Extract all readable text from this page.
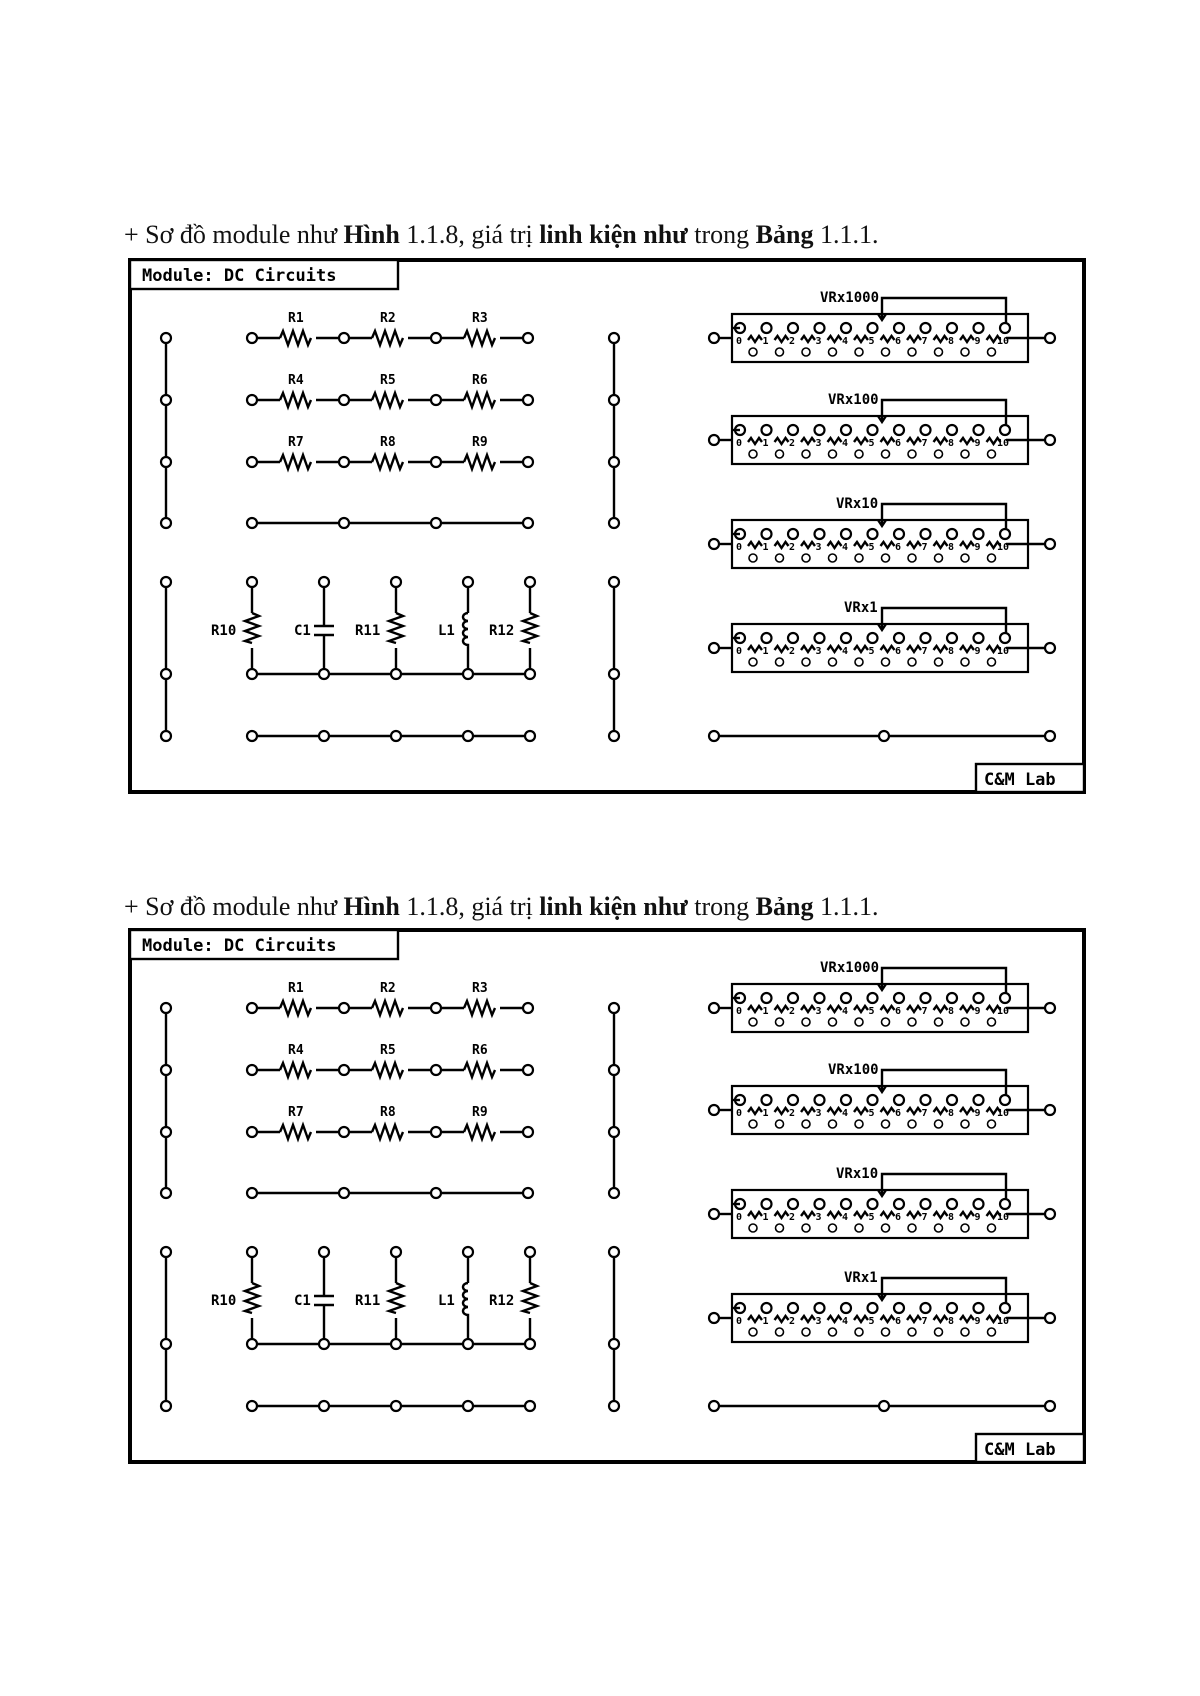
+ Sơ đồ module như Hình 1.1.8, giá trị linh kiện như trong Bảng 1.1.1.

Module: DC Circuits
C&M Lab
R1	R2	R3
R4	R5	R6
R7	R8	R9
R10	C1	R11	L1 R12
VRx1000
0 1 2 3 4 5 6 7 8 9 10
VRx100
0 1 2 3 4 5 6 7 8 9 10
VRx10
0 1 2 3 4 5 6 7 8 9 10
VRx1
0 1 2 3 4 5 6 7 8 9 10

+ Sơ đồ module như Hình 1.1.8, giá trị linh kiện như trong Bảng 1.1.1.

Module: DC Circuits
C&M Lab
R1	R2	R3
R4	R5	R6
R7	R8	R9
R10	C1	R11	L1 R12
VRx1000
0 1 2 3 4 5 6 7 8 9 10
VRx100
0 1 2 3 4 5 6 7 8 9 10
VRx10
0 1 2 3 4 5 6 7 8 9 10
VRx1
0 1 2 3 4 5 6 7 8 9 10
